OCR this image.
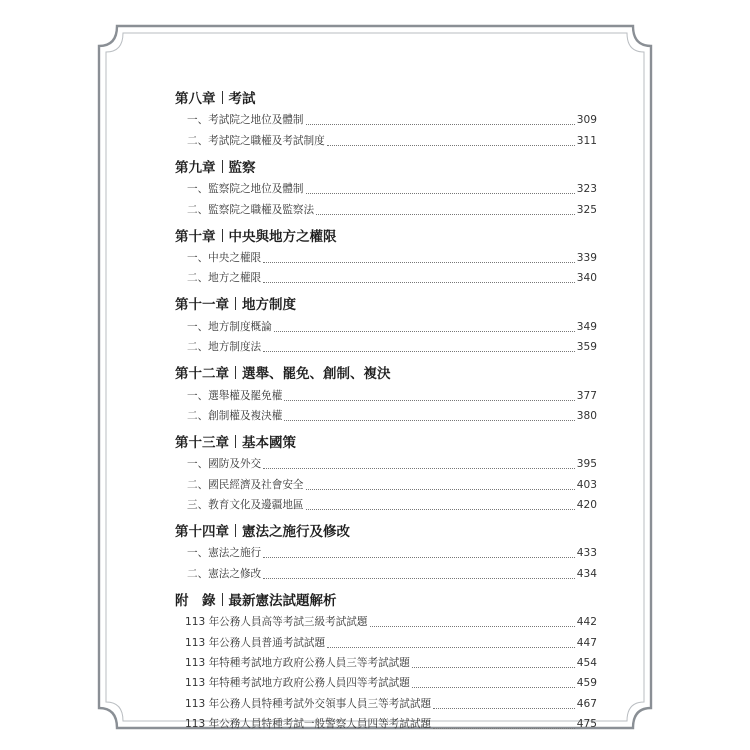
第八章 考試
一、考試院之地位及體制	309
二、考試院之職權及考試制度	311
第九章 監察
一、監察院之地位及體制	323
二、監察院之職權及監察法	325
第十章 中央與地方之權限
一、中央之權限	339
二、地方之權限	340
第十一章 地方制度
一、地方制度概論	349
二、地方制度法	359
第十二章 選舉、罷免、創制、複決
一、選舉權及罷免權	377
二、創制權及複決權	380
第十三章 基本國策
一、國防及外交	395
二、國民經濟及社會安全	403
三、教育文化及邊疆地區	420
第十四章 憲法之施行及修改
一、憲法之施行	433
二、憲法之修改	434
附　錄 最新憲法試題解析
113 年公務人員高等考試三級考試試題	442
113 年公務人員普通考試試題	447
113 年特種考試地方政府公務人員三等考試試題	454
113 年特種考試地方政府公務人員四等考試試題	459
113 年公務人員特種考試外交領事人員三等考試試題	467
113 年公務人員特種考試一般警察人員四等考試試題	475
